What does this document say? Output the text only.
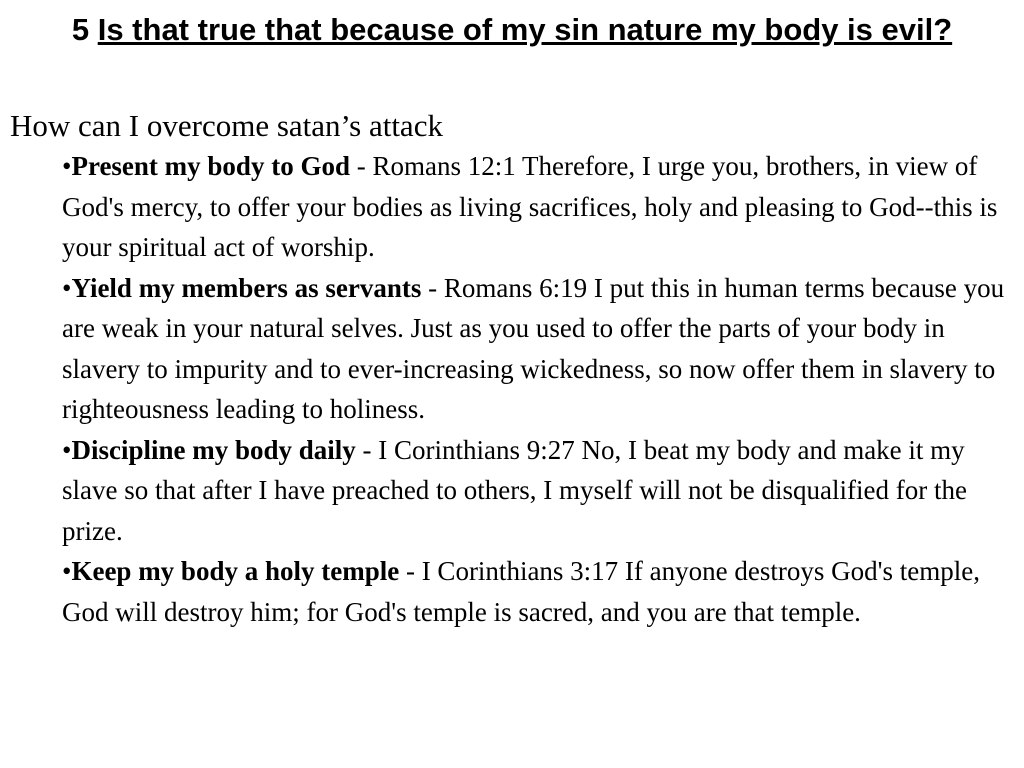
5 Is that true that because of my sin nature my body is evil?
How can I overcome satan’s attack
•Present my body to God - Romans 12:1 Therefore, I urge you, brothers, in view of God's mercy, to offer your bodies as living sacrifices, holy and pleasing to God--this is your spiritual act of worship.
•Yield my members as servants - Romans 6:19 I put this in human terms because you are weak in your natural selves. Just as you used to offer the parts of your body in slavery to impurity and to ever-increasing wickedness, so now offer them in slavery to righteousness leading to holiness.
•Discipline my body daily - I Corinthians 9:27 No, I beat my body and make it my slave so that after I have preached to others, I myself will not be disqualified for the prize.
•Keep my body a holy temple - I Corinthians 3:17 If anyone destroys God's temple, God will destroy him; for God's temple is sacred, and you are that temple.
